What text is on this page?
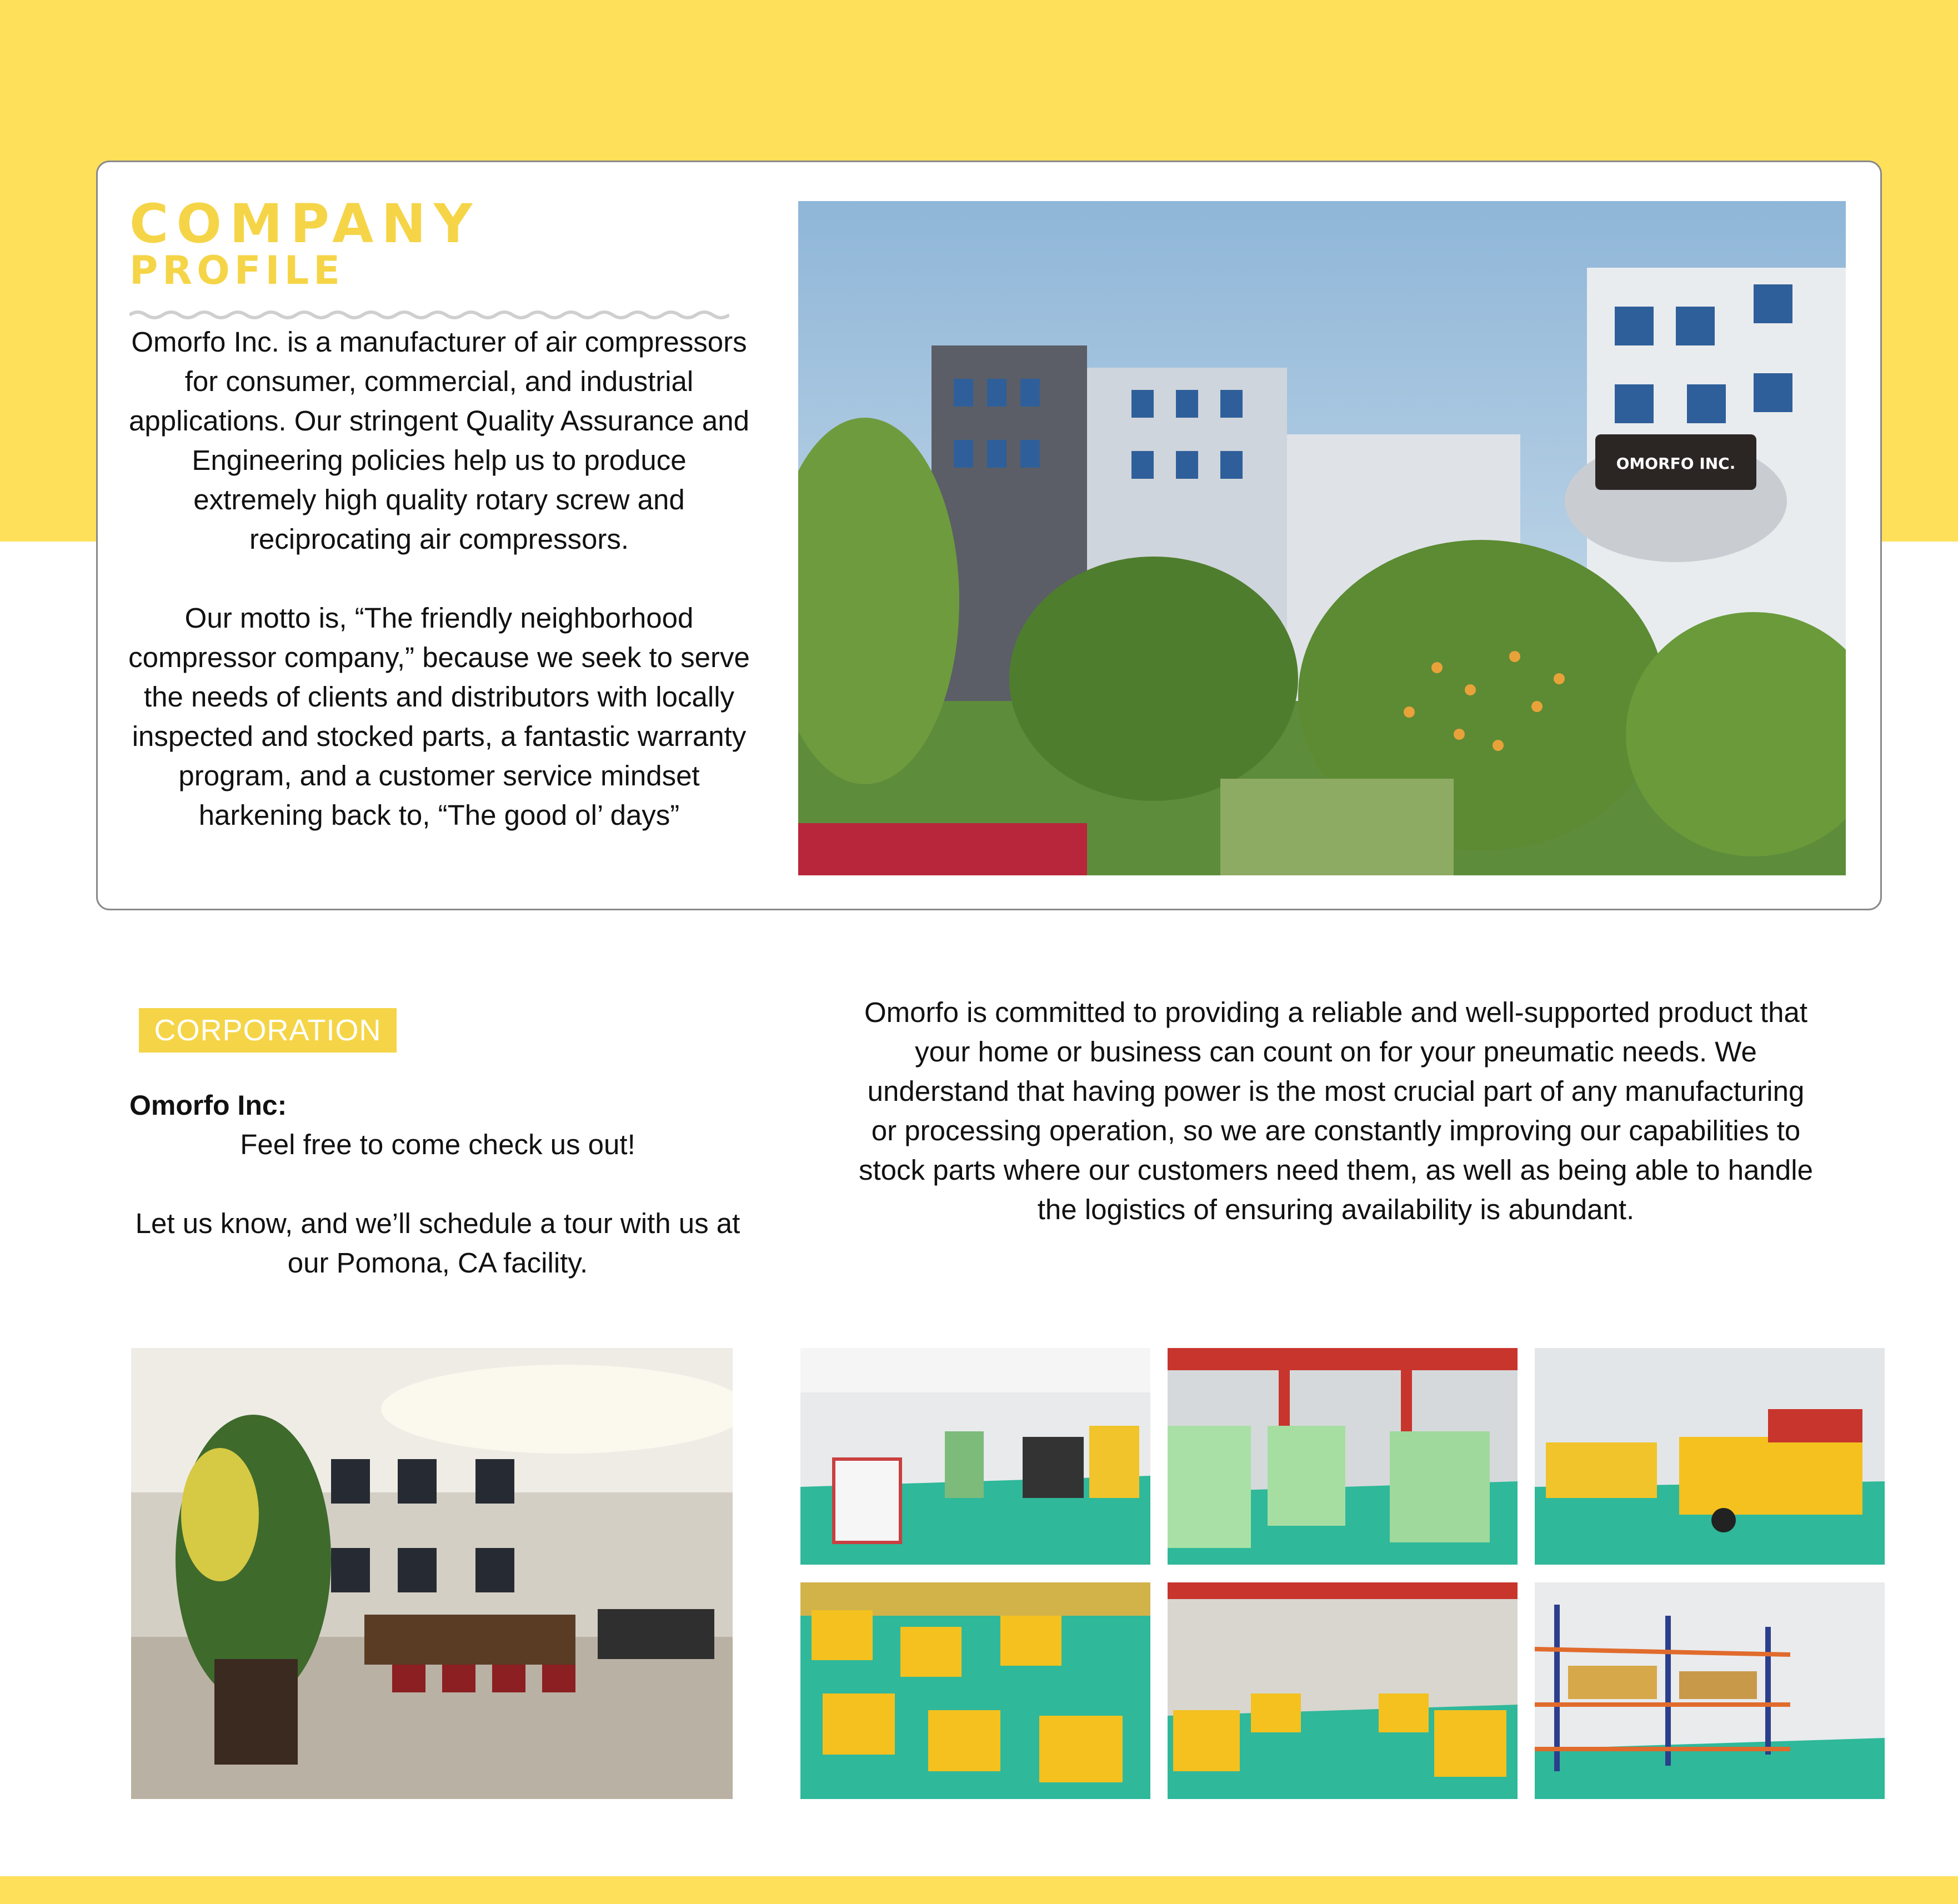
COMPANY
PROFILE

Omorfo Inc. is a manufacturer of air compressors for consumer, commercial, and industrial applications. Our stringent Quality Assurance and Engineering policies help us to produce extremely high quality rotary screw and reciprocating air compressors.

Our motto is, “The friendly neighborhood compressor company,” because we seek to serve the needs of clients and distributors with locally inspected and stocked parts, a fantastic warranty program, and a customer service mindset harkening back to, “The good ol’ days”

OMORFO INC.
CORPORATION

Omorfo Inc:

Feel free to come check us out!

Let us know, and we’ll schedule a tour with us at our Pomona, CA facility.

Omorfo is committed to providing a reliable and well-supported product that your home or business can count on for your pneumatic needs. We understand that having power is the most crucial part of any manufacturing or processing operation, so we are constantly improving our capabilities to stock parts where our customers need them, as well as being able to handle the logistics of ensuring availability is abundant.
